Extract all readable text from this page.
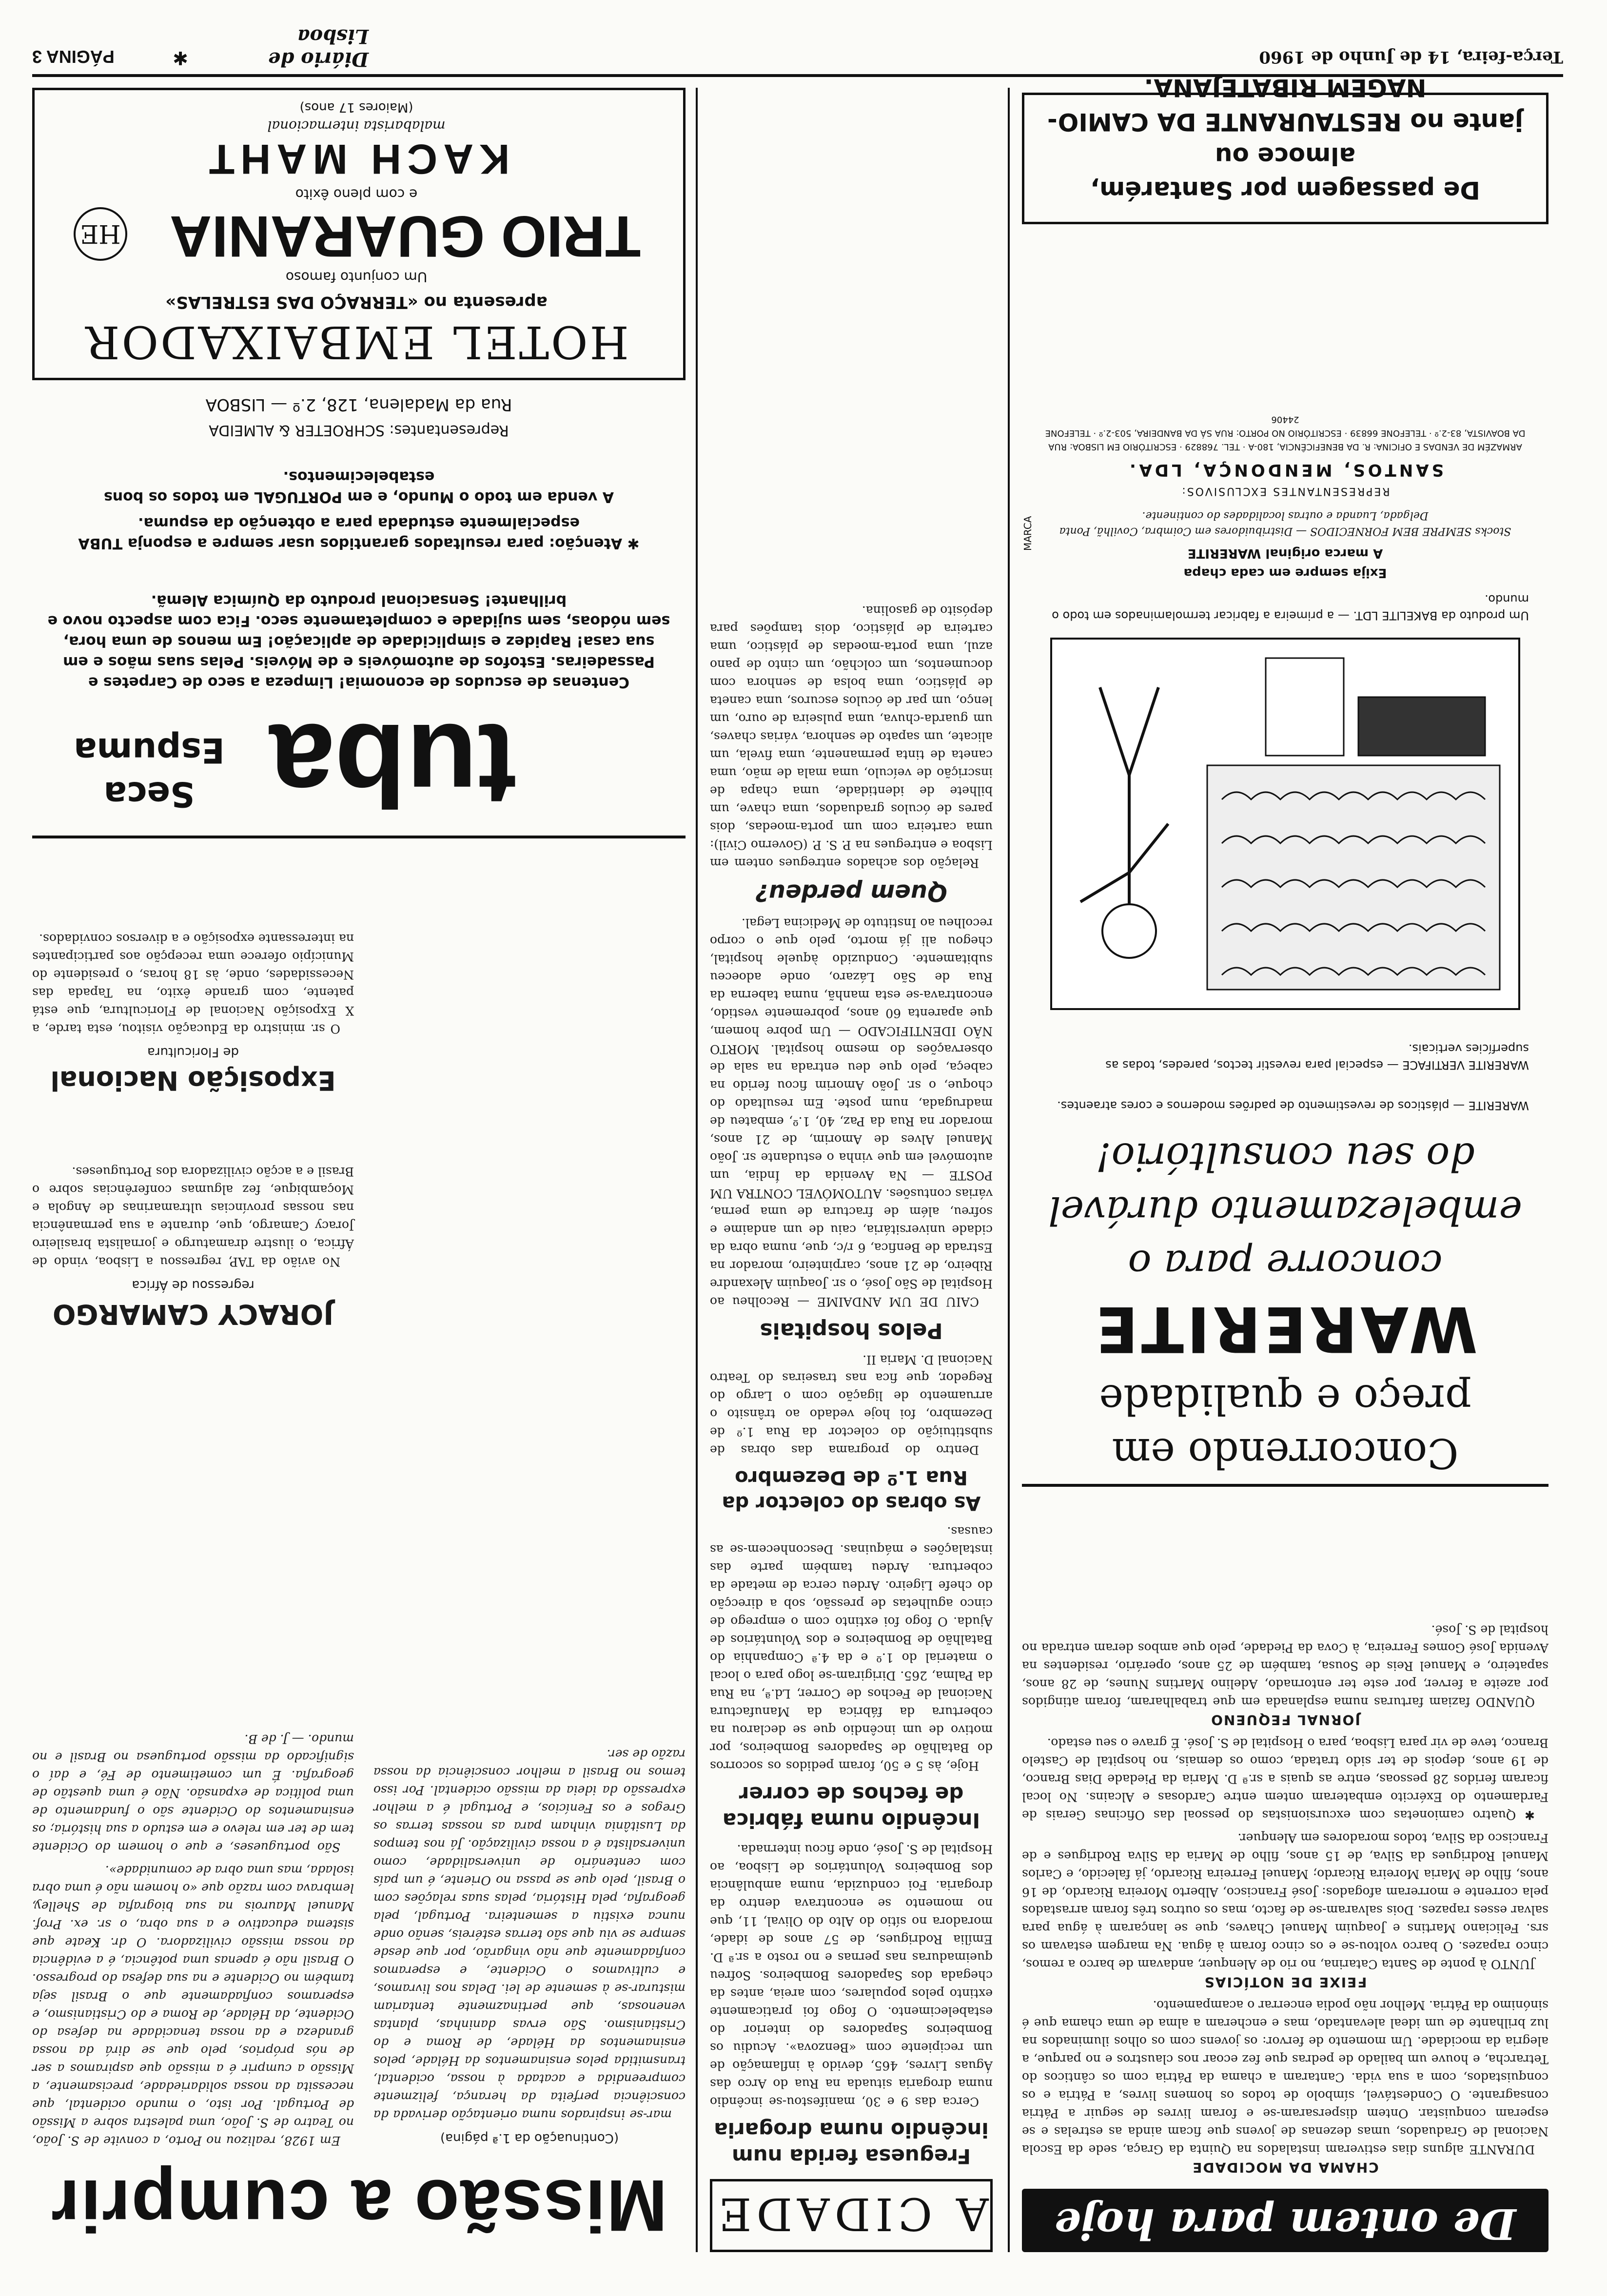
PÁGINA 3	✱	Diário de Lisboa
Terça-feira, 14 de Junho de 1960
De ontem para hoje
CHAMA DA MOCIDADE

DURANTE alguns dias estiveram instalados na Quinta da Graça, sede da Escola Nacional de Graduados, umas dezenas de jovens que ficam ainda as estrelas e se esperam conquistar. Ontem dispersaram-se e foram livres de seguir a Pátria consagrante. O Condestável, símbolo de todos os homens livres, a Pátria e os conquistados, com a sua vida. Cantaram a chama da Pátria com os cânticos do Tetrarcha, e houve um bailado de pedras que fez ecoar nos claustros e no parque, a alegria da mocidade. Um momento de fervor: os jovens com os olhos iluminados na luz brilhante de um ideal alevantado, mas e encheram a alma de uma chama que é sinónimo da Pátria. Melhor não podia encerrar o acampamento.

FEIXE DE NOTÍCIAS

JUNTO à ponte de Santa Catarina, no rio de Alenquer, andavam de barco a remos, cinco rapazes. O barco voltou-se e os cinco foram à água. Na margem estavam os srs. Feliciano Martins e Joaquim Manuel Chaves, que se lançaram à água para salvar esses rapazes. Dois salvaram-se de facto, mas os outros três foram arrastados pela corrente e morreram afogados: José Francisco, Alberto Moreira Ricardo, de 16 anos, filho de Maria Moreira Ricardo; Manuel Ferreira Ricardo, já falecido, e Carlos Manuel Rodrigues da Silva, de 15 anos, filho de Maria da Silva Rodrigues e de Francisco da Silva, todos moradores em Alenquer.

✱ Quatro camionetas com excursionistas do pessoal das Oficinas Gerais de Fardamento do Exército embateram ontem entre Cardosas e Alcains. No local ficaram feridos 28 pessoas, entre as quais a sr.ª D. Maria da Piedade Dias Branco, de 19 anos, depois de ter sido tratada, como os demais, no hospital de Castelo Branco, teve de vir para Lisboa, para o Hospital de S. José. É grave o seu estado.

JORNAL FEQUENO

QUANDO faziam farturas numa esplanada em que trabalharam, foram atingidos por azeite a ferver, por este ter entornado, Adelino Martins Nunes, de 28 anos, sapateiro, e Manuel Reis de Sousa, também de 25 anos, operário, residentes na Avenida José Gomes Ferreira, à Cova da Piedade, pelo que ambos deram entrada no hospital de S. José.

Concorrendo em
preço e qualidade
WARERITE
concorre para o
embelezamento durável
do seu consultório!
WARERITE — plásticos de revestimento de padrões modernos e cores atraentes.
WARERITE VERTIFACE — especial para revestir tectos, paredes, todas as superfícies verticais.
Um produto da BAKELITE LDT. — a primeira a fabricar termolaminados em todo o mundo.
Exija sempre em cada chapa
A marca original WARERITE
Stocks SEMPRE BEM FORNECIDOS — Distribuidores em Coimbra, Covilhã, Ponta Delgada, Luanda e outras localidades do continente.
REPRESENTANTES EXCLUSIVOS:
SANTOS, MENDONÇA, LDA.
ARMAZÉM DE VENDAS E OFICINA: R. DA BENEFICÊNCIA, 180-A · TEL. 768829 · ESCRITÓRIO EM LISBOA: RUA DA BOAVISTA, 83-2.º · TELEFONE 66839 · ESCRITÓRIO NO PORTO: RUA SÁ DA BANDEIRA, 503-2.º · TELEFONE 24406
MARCA
De passagem por Santarém, almoce ou
jante no RESTAURANTE DA CAMIO-
NAGEM RIBATEJANA.
A CIDADE
Freguesa ferida num incêndio numa drogaria

Cerca das 9 e 30, manifestou-se incêndio numa drogaria situada na Rua do Arco das Águas Livres, 465, devido à inflamação de um recipiente com «Benzova». Acudiu os Bombeiros Sapadores do interior do estabelecimento. O fogo foi praticamente extinto pelos populares, com areia, antes da chegada dos Sapadores Bombeiros. Sofreu queimaduras nas pernas e no rosto a sr.ª D. Emília Rodrigues, de 57 anos de idade, moradora no sítio do Alto do Olival, 11, que no momento se encontrava dentro da drogaria. Foi conduzida, numa ambulância dos Bombeiros Voluntários de Lisboa, ao Hospital de S. José, onde ficou internada.

Incêndio numa fábrica de fechos de correr

Hoje, às 5 e 50, foram pedidos os socorros do Batalhão de Sapadores Bombeiros, por motivo de um incêndio que se declarou na cobertura da fábrica da Manufactura Nacional de Fechos de Correr, Ld.ª, na Rua da Palma, 265. Dirigiram-se logo para o local o material do 1.º e da 4.ª Companhia do Batalhão de Bombeiros e dos Voluntários de Ajuda. O fogo foi extinto com o emprego de cinco agulhetas de pressão, sob a direcção do chefe Ligeiro. Ardeu cerca de metade da cobertura. Ardeu também parte das instalações e máquinas. Desconhecem-se as causas.

As obras do colector da Rua 1.º de Dezembro

Dentro do programa das obras de substituição do colector da Rua 1.º de Dezembro, foi hoje vedado ao trânsito o arruamento de ligação com o Largo do Regedor, que fica nas traseiras do Teatro Nacional D. Maria II.

Pelos hospitais

CAIU DE UM ANDAIME — Recolheu ao Hospital de São José, o sr. Joaquim Alexandre Ribeiro, de 21 anos, carpinteiro, morador na Estrada de Benfica, 6 r/c, que, numa obra da cidade universitária, caiu de um andaime e sofreu, além de fractura de uma perna, várias contusões. AUTOMÓVEL CONTRA UM POSTE — Na Avenida da Índia, um automóvel em que vinha o estudante sr. João Manuel Alves de Amorim, de 21 anos, morador na Rua da Paz, 40, 1.º, embateu de madrugada, num poste. Em resultado do choque, o sr. João Amorim ficou ferido na cabeça, pelo que deu entrada na sala de observações do mesmo hospital. MORTO NÃO IDENTIFICADO — Um pobre homem, que aparenta 60 anos, pobremente vestido, encontrava-se esta manhã, numa taberna da Rua de São Lázaro, onde adoeceu subitamente. Conduzido àquele hospital, chegou ali já morto, pelo que o corpo recolheu ao Instituto de Medicina Legal.

Quem perdeu?

Relação dos achados entregues ontem em Lisboa e entregues na P. S. P. (Governo Civil): uma carteira com um porta-moedas, dois pares de óculos graduados, uma chave, um bilhete de identidade, uma chapa de inscrição de veículo, uma mala de mão, uma caneta de tinta permanente, uma fivela, um alicate, um sapato de senhora, várias chaves, um guarda-chuva, uma pulseira de ouro, um lenço, um par de óculos escuros, uma caneta de plástico, uma bolsa de senhora com documentos, um colchão, um cinto de pano azul, uma porta-moedas de plástico, uma carteira de plástico, dois tampões para depósito de gasolina.

Missão a cumprir
(Continuação da 1.ª página)

mar-se inspirados numa orientação derivada da consciência perfeita da herança, felizmente compreendida e acatada à nossa, ocidental, transmitida pelos ensinamentos da Hélade, pelos ensinamentos da Hélade, de Roma e do Cristianismo. São ervas daninhas, plantas venenosas, que pertinazmente tentariam misturar-se à semente de lei. Delas nos livramos, e cultivamos o Ocidente, e esperamos confiadamente que não vingarão, por que desde sempre se viu que são terras estéreis, senão onde nunca existiu a sementeira. Portugal, pela geografia, pela História, pelas suas relações com o Brasil, pelo que se passa no Oriente, é um país com centenário de universalidade, como universalista é a nossa civilização. Já nos tempos da Lusitânia vinham para as nossas terras os Gregos e os Fenícios, e Portugal é a melhor expressão da ideia da missão ocidental. Por isso temos no Brasil a melhor consciência da nossa razão de ser.

Em 1928, realizou no Porto, a convite de S. João, no Teatro de S. João, uma palestra sobre a Missão de Portugal. Por isto, o mundo ocidental, que necessita da nossa solidariedade, precisamente, a Missão a cumprir é a missão que aspiramos a ser de nós próprios, pelo que se dirá da nossa grandeza e da nossa tenacidade na defesa do Ocidente, da Hélade, de Roma e do Cristianismo, e esperamos confiadamente que o Brasil seja também no Ocidente e na sua defesa do progresso. O Brasil não é apenas uma potência, é a evidência da nossa missão civilizadora. O dr. Keate que sistema educativo e a sua obra, o sr. ex. Prof. Manuel Maurois na sua biografia de Shelley, lembrava com razão que «o homem não é uma obra isolada, mas uma obra de comunidade».

São portugueses, e que o homem do Ocidente tem de ter em relevo e em estudo a sua história; os ensinamentos do Ocidente são o fundamento de uma política de expansão. Não é uma questão de geografia. É um cometimento de Fé, e daí o significado da missão portuguesa no Brasil e no mundo. — J. de B.

JORACY CAMARGO
regressou de África

No avião da TAP, regressou a Lisboa, vindo de África, o ilustre dramaturgo e jornalista brasileiro Joracy Camargo, que, durante a sua permanência nas nossas províncias ultramarinas de Angola e Moçambique, fez algumas conferências sobre o Brasil e a acção civilizadora dos Portugueses.

Exposição Nacional
de Floricultura

O sr. ministro da Educação visitou, esta tarde, a X Exposição Nacional de Floricultura, que está patente, com grande êxito, na Tapada das Necessidades, onde, às 18 horas, o presidente do Município oferece uma recepção aos participantes na interessante exposição e a diversos convidados.

tuba
Espuma
Seca
Centenas de escudos de economia! Limpeza a seco de Carpetes e Passadeiras. Estofos de automóveis e de Móveis. Pelas suas mãos e em sua casa! Rapidez e simplicidade de aplicação! Em menos de uma hora, sem nódoas, sem sujidade e completamente seco. Fica com aspecto novo e brilhante! Sensacional produto da Química Alemã.
✱ Atenção: para resultados garantidos usar sempre a esponja TUBA especialmente estudada para a obtenção da espuma.
A venda em todo o Mundo, e em PORTUGAL em todos os bons estabelecimentos.
Representantes: SCHROETER & ALMEIDA
Rua da Madalena, 128, 2.º — LISBOA
HOTEL EMBAIXADOR
apresenta no «TERRAÇO DAS ESTRELAS»
Um conjunto famoso
TRIO GUARANIA
HE
e com pleno êxito
KACH MAHT
malabarista internacional
(Maiores 17 anos)
